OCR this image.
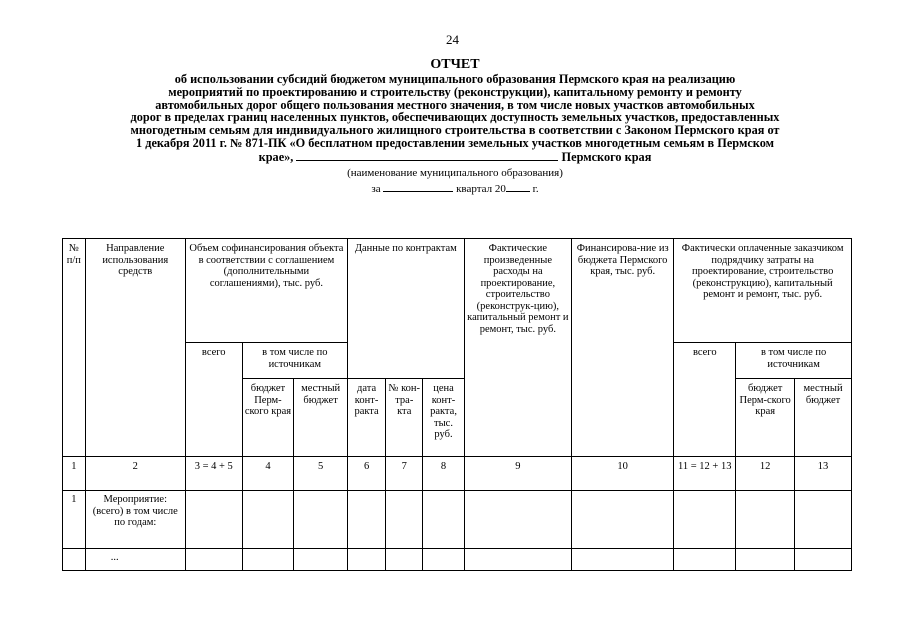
24
ОТЧЕТ
об использовании субсидий бюджетом муниципального образования Пермского края на реализацию
мероприятий по проектированию и строительству (реконструкции), капитальному ремонту и ремонту
автомобильных дорог общего пользования местного значения, в том числе новых участков автомобильных
дорог в пределах границ населенных пунктов, обеспечивающих доступность земельных участков, предоставленных
многодетным семьям для индивидуального жилищного строительства в соответствии с Законом Пермского края от
1 декабря 2011 г. № 871-ПК «О бесплатном предоставлении земельных участков многодетным семьям в Пермском
крае»,	Пермского края
(наименование муниципального образования)
за	квартал 20 г.
№ п/п	Направление использования средств	Объем софинансирования объекта в соответствии с соглашением (дополнительными соглашениями), тыс. руб.			Данные по контрактам			Фактические произведенные расходы на проектирование, строительство (реконструк-цию), капитальный ремонт и ремонт, тыс. руб.	Финансирова-ние из бюджета Пермского края, тыс. руб.	Фактически оплаченные заказчиком подрядчику затраты на проектирование, строительство (реконструкцию), капитальный ремонт и ремонт, тыс. руб.		
		всего	в том числе по источникам							всего	в том числе по источникам	
			бюджет Перм-ского края	местный бюджет	дата конт-ракта	№ кон-тра-кта	цена конт-ракта, тыс. руб.				бюджет Перм-ского края	местный бюджет
1	2	3 = 4 + 5	4	5	6	7	8	9	10	11 = 12 + 13	12	13
1	Мероприятие: (всего) в том числе по годам:											
	...											
